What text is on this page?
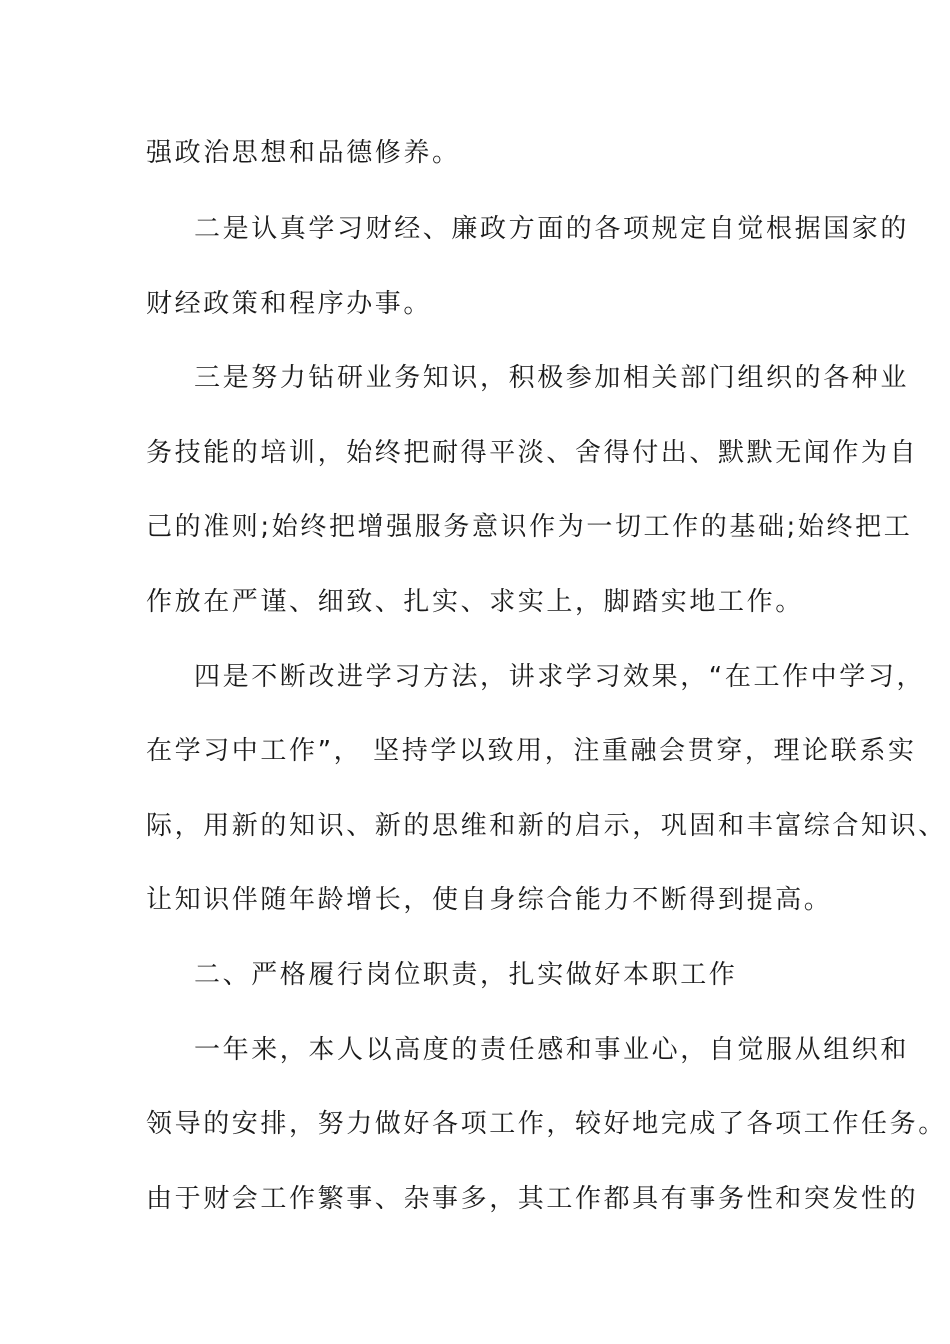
强政治思想和品德修养。
二是认真学习财经、廉政方面的各项规定自觉根据国家的
财经政策和程序办事。
三是努力钻研业务知识，积极参加相关部门组织的各种业
务技能的培训，始终把耐得平淡、舍得付出、默默无闻作为自
己的准则;始终把增强服务意识作为一切工作的基础;始终把工
作放在严谨、细致、扎实、求实上，脚踏实地工作。
四是不断改进学习方法，讲求学习效果，“在工作中学习，
在学习中工作”， 坚持学以致用，注重融会贯穿，理论联系实
际，用新的知识、新的思维和新的启示，巩固和丰富综合知识、
让知识伴随年龄增长，使自身综合能力不断得到提高。
二、严格履行岗位职责，扎实做好本职工作
一年来，本人以高度的责任感和事业心，自觉服从组织和
领导的安排，努力做好各项工作，较好地完成了各项工作任务。
由于财会工作繁事、杂事多，其工作都具有事务性和突发性的
